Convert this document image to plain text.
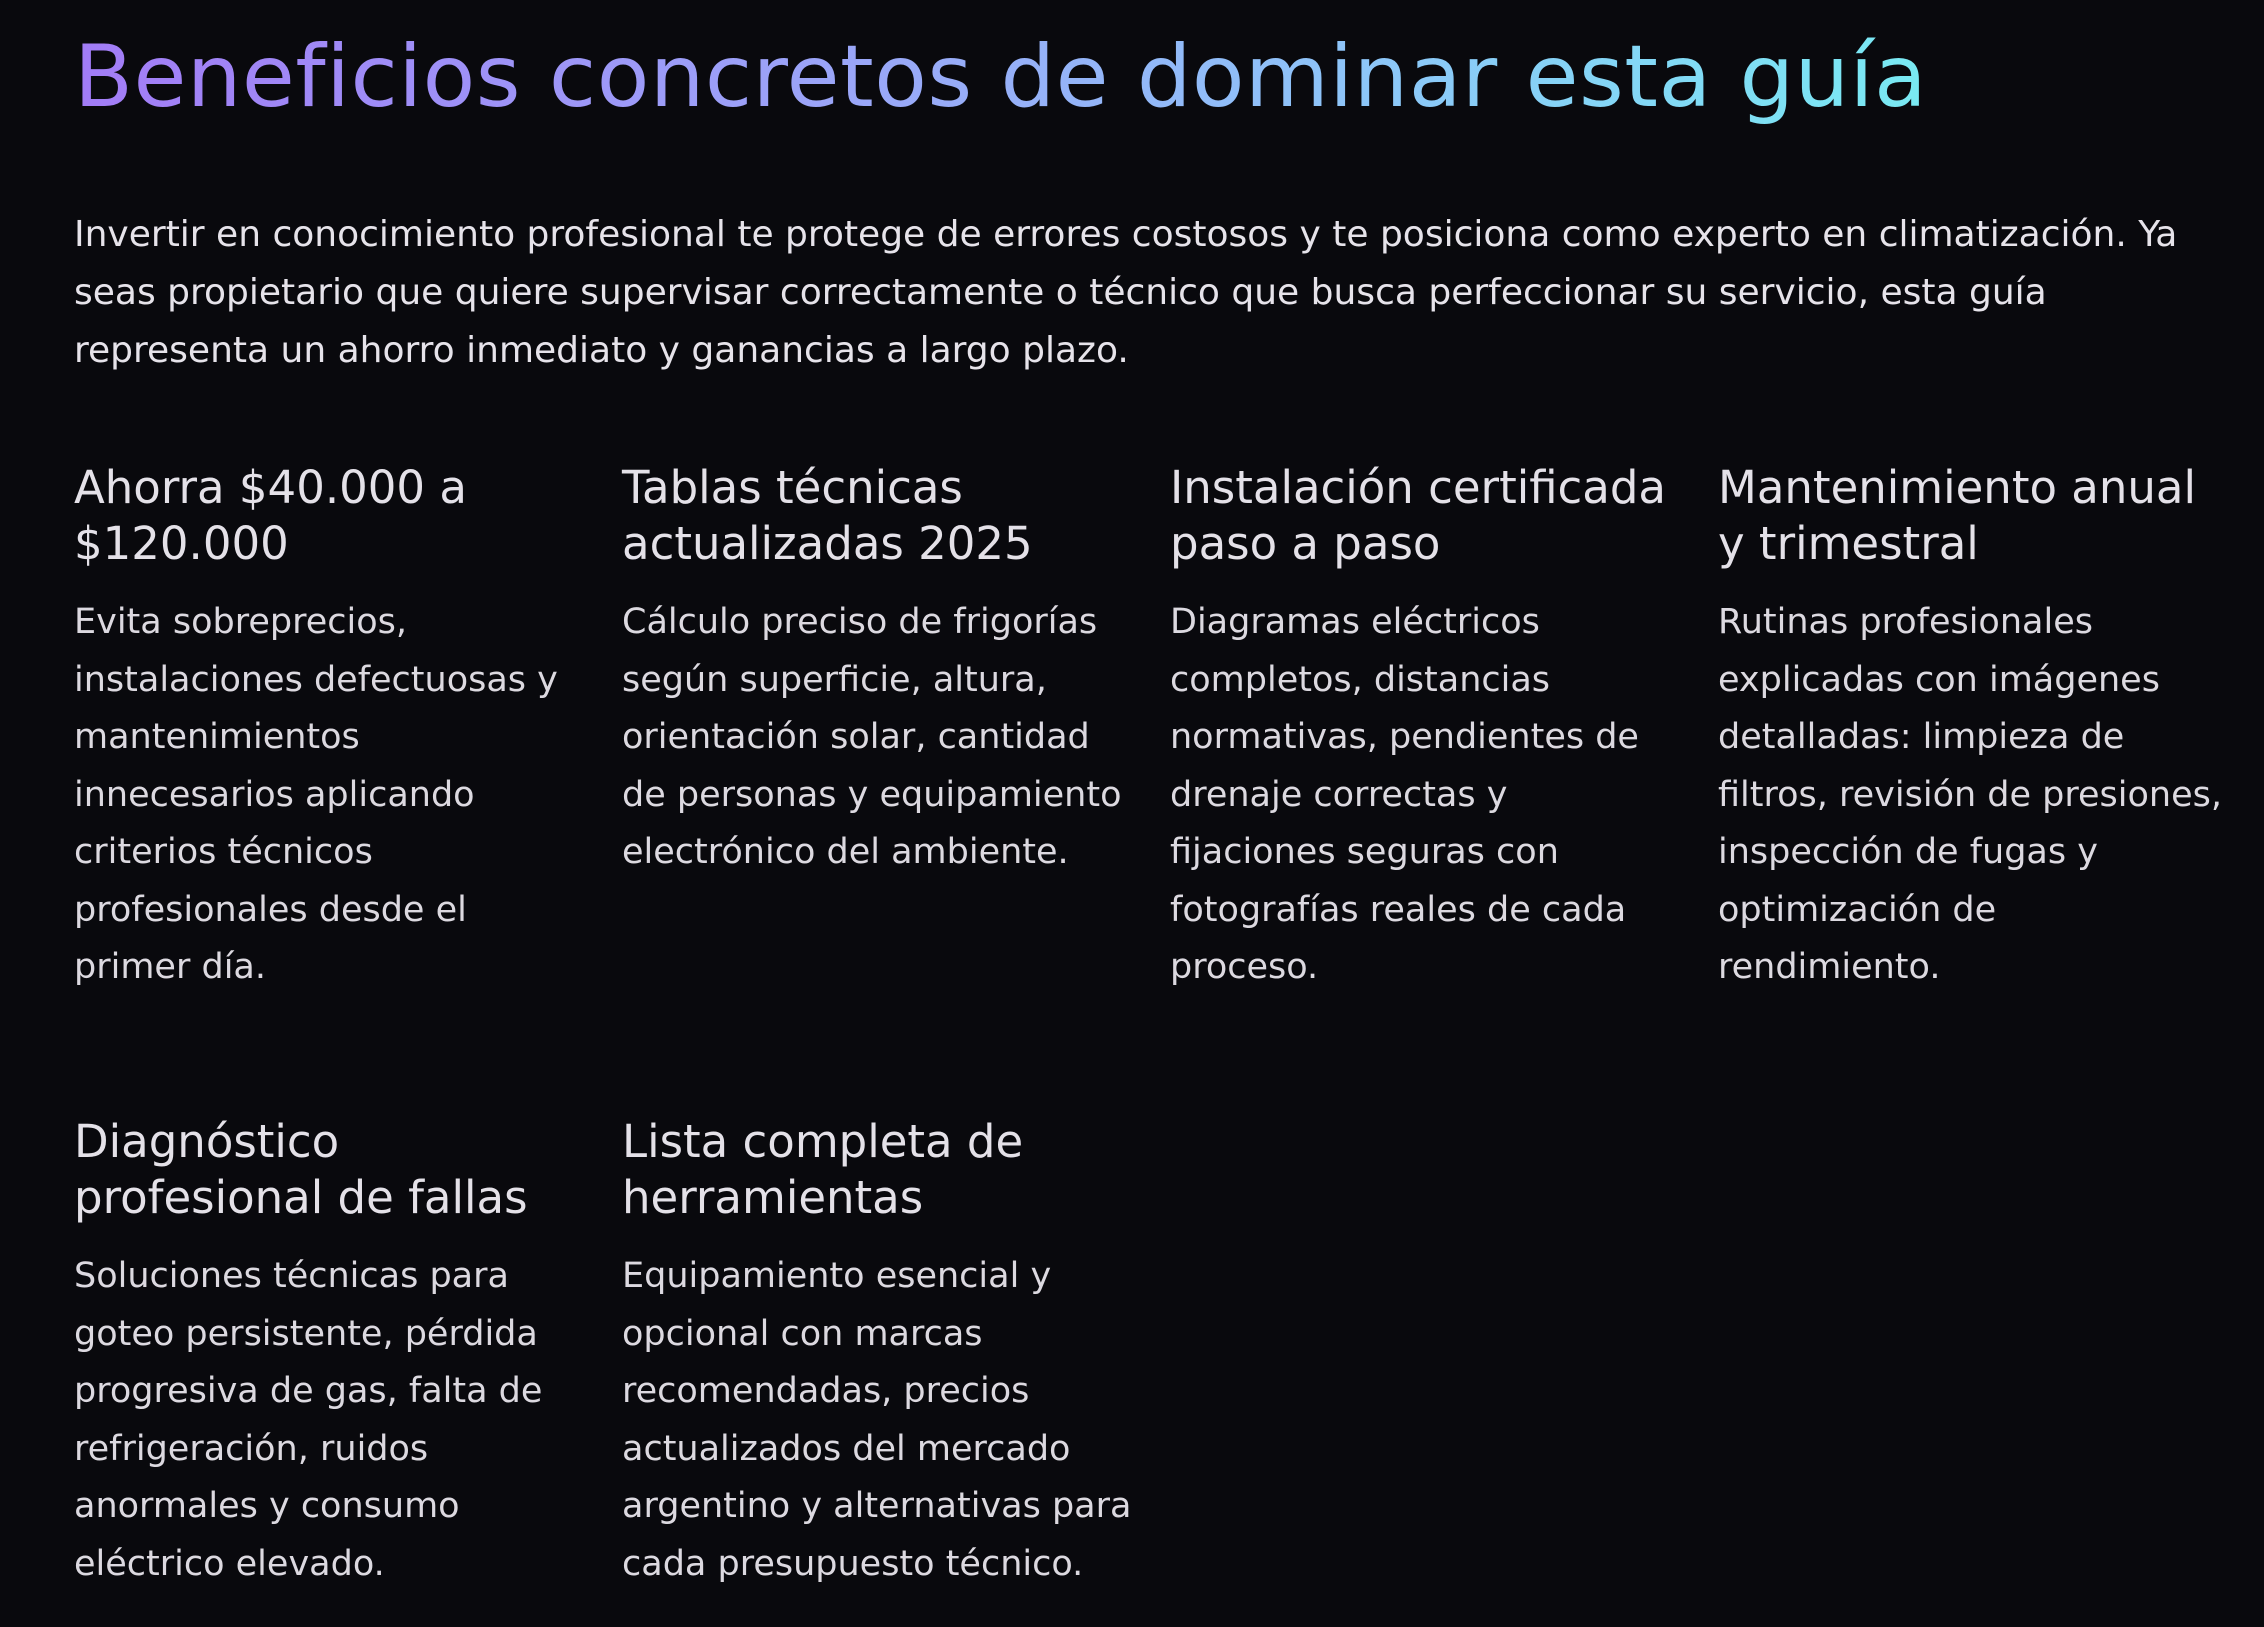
Beneficios concretos de dominar esta guía

Invertir en conocimiento profesional te protege de errores costosos y te posiciona como experto en climatización. Ya seas propietario que quiere supervisar correctamente o técnico que busca perfeccionar su servicio, esta guía representa un ahorro inmediato y ganancias a largo plazo.

Ahorra $40.000 a $120.000

Evita sobreprecios, instalaciones defectuosas y mantenimientos innecesarios aplicando criterios técnicos profesionales desde el primer día.

Tablas técnicas actualizadas 2025

Cálculo preciso de frigorías según superficie, altura, orientación solar, cantidad de personas y equipamiento electrónico del ambiente.

Instalación certificada paso a paso

Diagramas eléctricos completos, distancias normativas, pendientes de drenaje correctas y fijaciones seguras con fotografías reales de cada proceso.

Mantenimiento anual y trimestral

Rutinas profesionales explicadas con imágenes detalladas: limpieza de filtros, revisión de presiones, inspección de fugas y optimización de rendimiento.

Diagnóstico profesional de fallas

Soluciones técnicas para goteo persistente, pérdida progresiva de gas, falta de refrigeración, ruidos anormales y consumo eléctrico elevado.

Lista completa de herramientas

Equipamiento esencial y opcional con marcas recomendadas, precios actualizados del mercado argentino y alternativas para cada presupuesto técnico.
